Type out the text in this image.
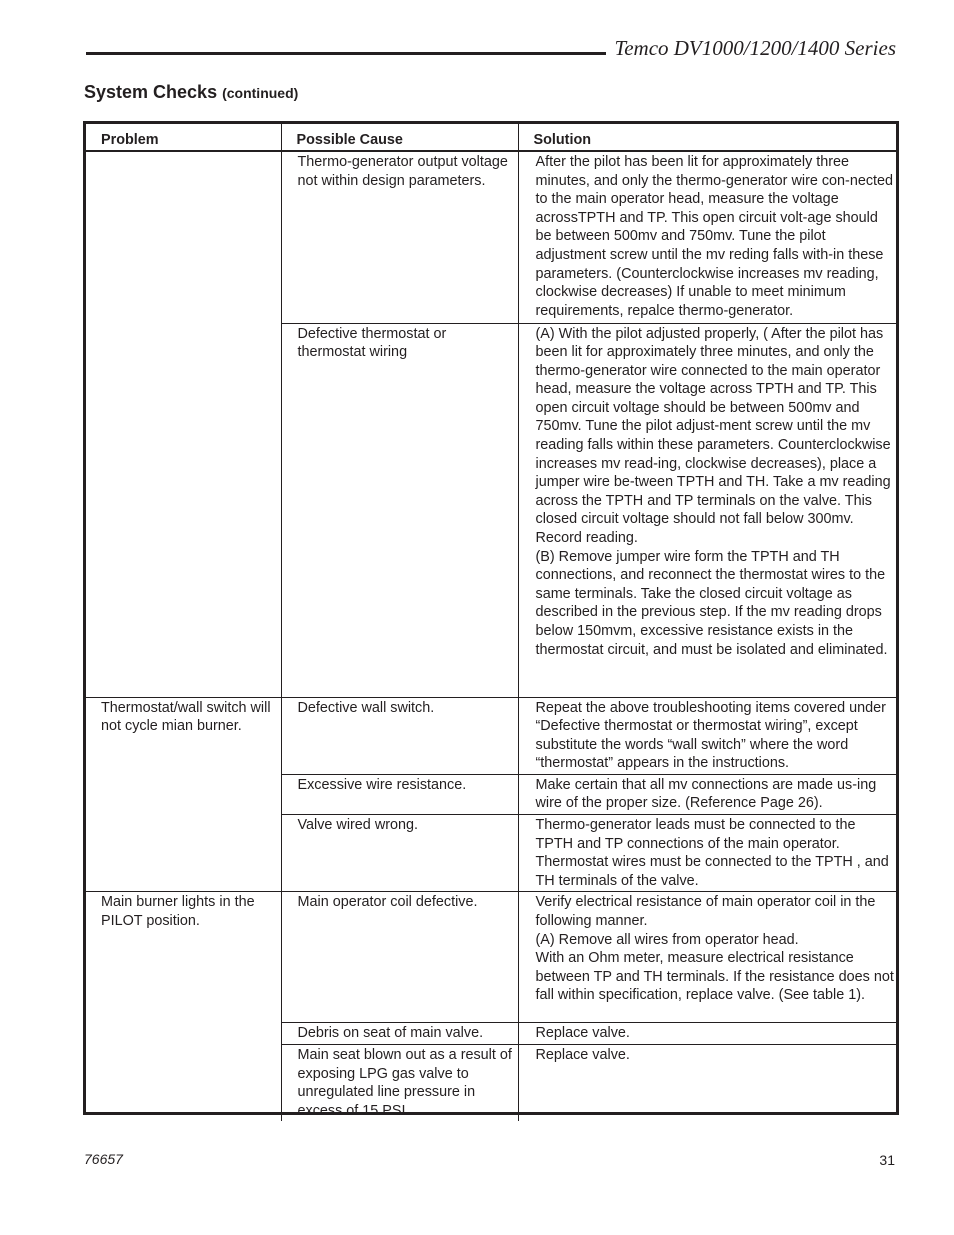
Temco DV1000/1200/1400 Series
System Checks (continued)
Problem	Possible Cause	Solution
	Thermo-generator output voltage not within design parameters.	After the pilot has been lit for approximately three minutes, and only the thermo-generator wire con-nected to the main operator head, measure the voltage acrossTPTH and TP. This open circuit volt-age should be between 500mv and 750mv. Tune the pilot adjustment screw until the mv reding falls with-in these parameters. (Counterclockwise increases mv reading, clockwise decreases) If unable to meet minimum requirements, repalce thermo-generator.
	Defective thermostat or thermostat wiring	(A) With the pilot adjusted properly, ( After the pilot has been lit for approximately three minutes, and only the thermo-generator wire connected to the main operator head, measure the voltage across TPTH and TP. This open circuit voltage should be between 500mv and 750mv. Tune the pilot adjust-ment screw until the mv reading falls within these parameters. Counterclockwise increases mv read-ing, clockwise decreases), place a jumper wire be-tween TPTH and TH. Take a mv reading across the TPTH and TP terminals on the valve. This closed circuit voltage should not fall below 300mv. Record reading.
(B) Remove jumper wire form the TPTH and TH connections, and reconnect the thermostat wires to the same terminals. Take the closed circuit voltage as described in the previous step. If the mv reading drops below 150mvm, excessive resistance exists in the thermostat circuit, and must be isolated and eliminated.

Thermostat/wall switch will not cycle mian burner.	Defective wall switch.	Repeat the above troubleshooting items covered under “Defective thermostat or thermostat wiring”, except substitute the words “wall switch” where the word “thermostat” appears in the instructions.
	Excessive wire resistance.	Make certain that all mv connections are made us-ing wire of the proper size. (Reference Page 26).
	Valve wired wrong.	Thermo-generator leads must be connected to the TPTH and TP connections of the main operator. Thermostat wires must be connected to the TPTH , and TH terminals of the valve.
Main burner lights in the PILOT position.	Main operator coil defective.	Verify electrical resistance of main operator coil in the following manner.
(A) Remove all wires from operator head.
With an Ohm meter, measure electrical resistance between TP and TH terminals. If the resistance does not fall within specification, replace valve. (See table 1).

	Debris on seat of main valve.	Replace valve.
	Main seat blown out as a result of exposing LPG gas valve to unregulated line pressure in excess of 15 PSI.	Replace valve.
76657	31
